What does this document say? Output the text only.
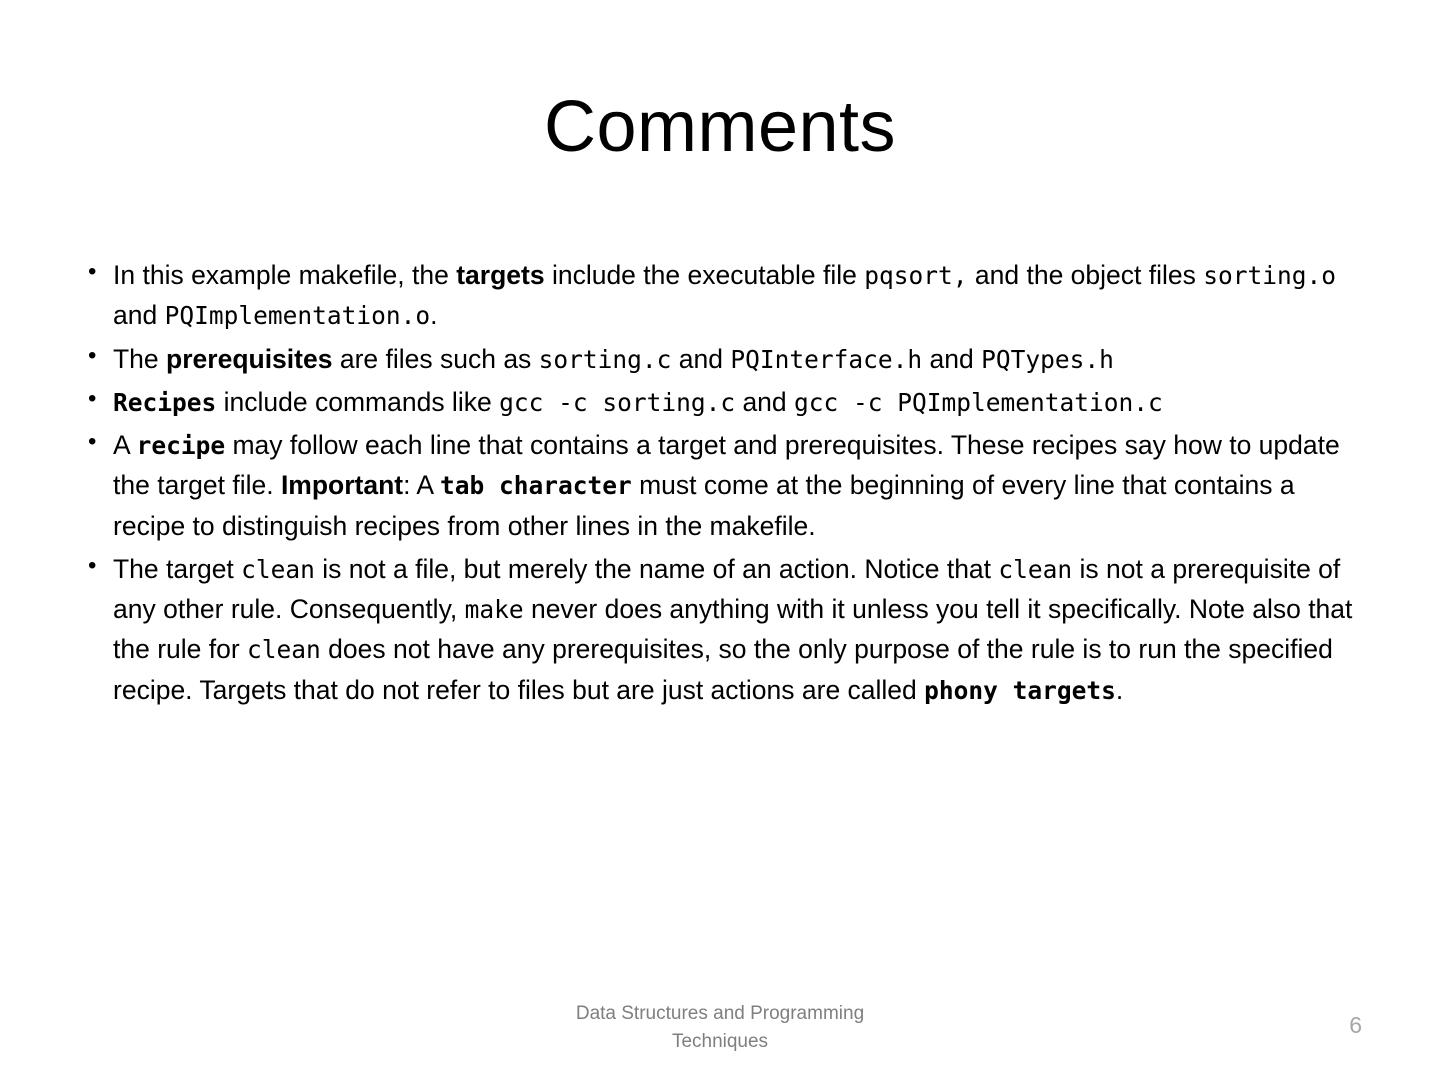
Comments
• In this example makefile, the targets include the executable file pqsort, and the object files sorting.o and PQImplementation.o.
• The prerequisites are files such as sorting.c and PQInterface.h and PQTypes.h
• Recipes include commands like gcc -c sorting.c and gcc -c PQImplementation.c
• A recipe may follow each line that contains a target and prerequisites. These recipes say how to update the target file. Important: A tab character must come at the beginning of every line that contains a recipe to distinguish recipes from other lines in the makefile.
• The target clean is not a file, but merely the name of an action. Notice that clean is not a prerequisite of any other rule. Consequently, make never does anything with it unless you tell it specifically. Note also that the rule for clean does not have any prerequisites, so the only purpose of the rule is to run the specified recipe. Targets that do not refer to files but are just actions are called phony targets.
Data Structures and Programming Techniques
6
